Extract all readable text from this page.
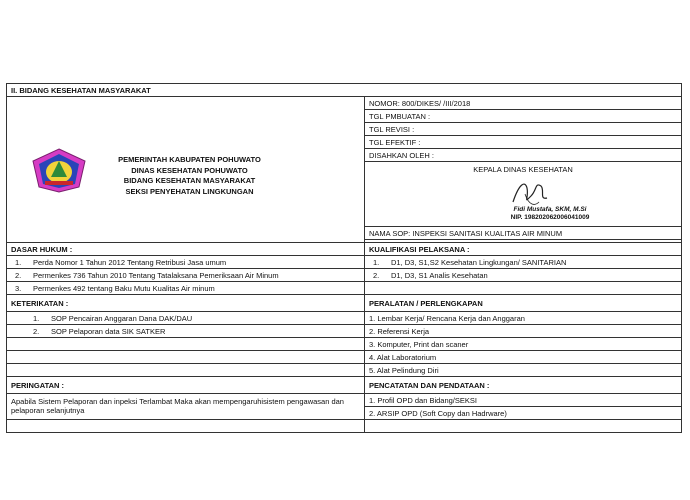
II. BIDANG KESEHATAN MASYARAKAT	

PEMERINTAH KABUPATEN POHUWATO
DINAS KESEHATAN POHUWATO
BIDANG KESEHATAN MASYARAKAT
SEKSI PENYEHATAN LINGKUNGAN	NOMOR: 800/DIKES/ /III/2018
	TGL PMBUATAN :
	TGL REVISI :
	TGL EFEKTIF :
	DISAHKAN OLEH :

	KEPALA DINAS KESEHATAN
Fidi Mustafa, SKM, M.Si
NIP. 198202062006041009

	NAMA SOP: INSPEKSI SANITASI KUALITAS AIR MINUM

DASAR HUKUM :	KUALIFIKASI PELAKSANA :
1. Perda Nomor 1 Tahun 2012 Tentang Retribusi Jasa umum	1. D1, D3, S1,S2 Kesehatan Lingkungan/ SANITARIAN
2. Permenkes 736 Tahun 2010 Tentang Tatalaksana Pemeriksaan Air Minum	2. D1, D3, S1 Analis Kesehatan
3. Permenkes 492 tentang Baku Mutu Kualitas Air minum	
KETERIKATAN :	PERALATAN / PERLENGKAPAN
1. SOP Pencairan Anggaran Dana DAK/DAU	1. Lembar Kerja/ Rencana Kerja dan Anggaran
2. SOP Pelaporan data SIK SATKER	2. Referensi Kerja
	3. Komputer, Print dan scaner
	4. Alat Laboratorium
	5. Alat Pelindung Diri
PERINGATAN :	PENCATATAN DAN PENDATAAN :
Apabila Sistem Pelaporan dan inpeksi Terlambat Maka akan mempengaruhisistem pengawasan dan pelaporan selanjutnya	1. Profil OPD dan Bidang/SEKSI
	2. ARSIP OPD (Soft Copy dan Hadrware)
